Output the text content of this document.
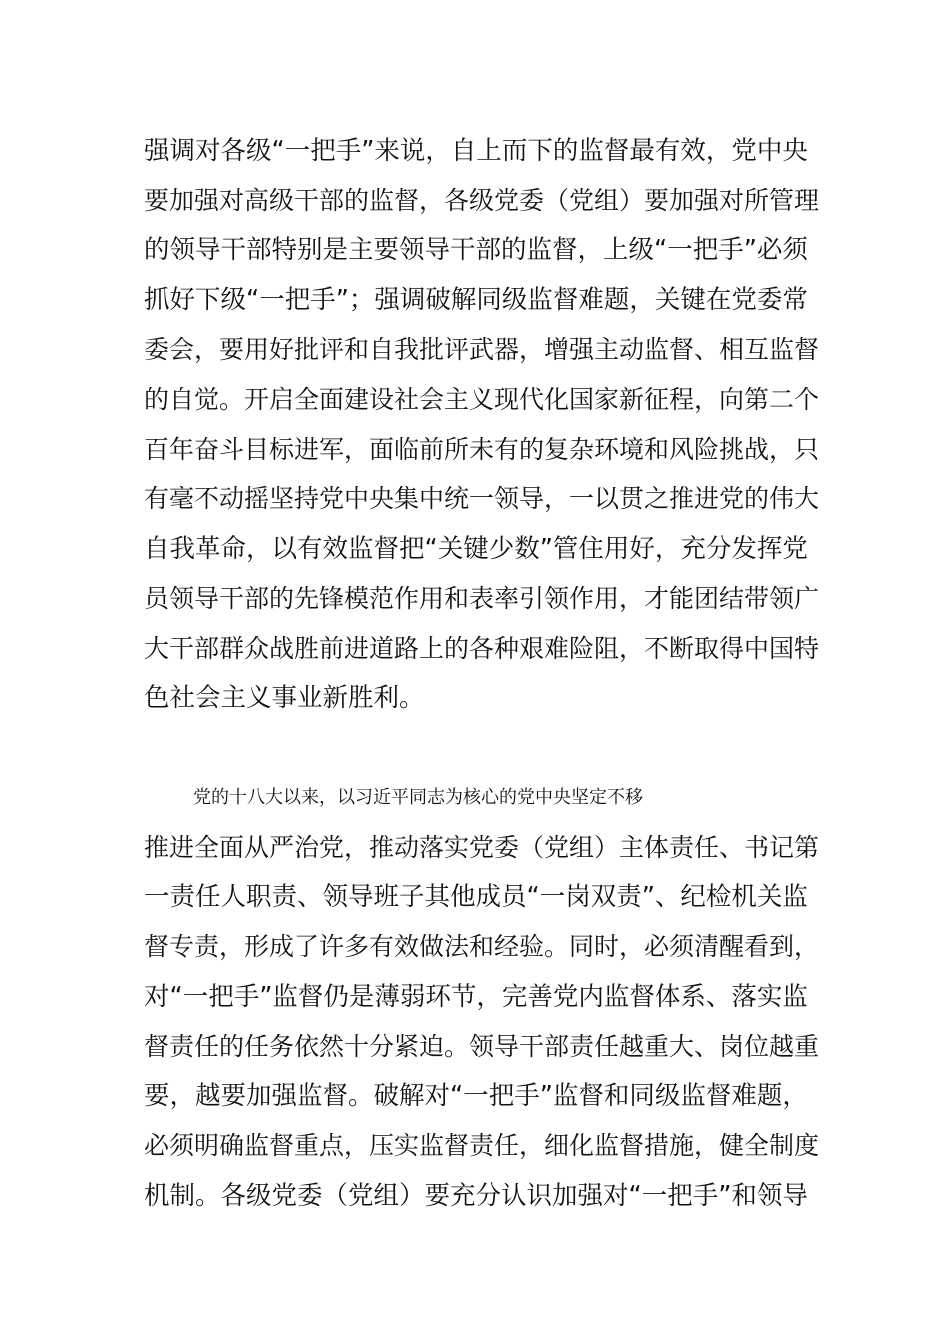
强调对各级“一把手”来说，自上而下的监督最有效，党中央
要加强对高级干部的监督，各级党委（党组）要加强对所管理
的领导干部特别是主要领导干部的监督，上级“一把手”必须
抓好下级“一把手”；强调破解同级监督难题，关键在党委常
委会，要用好批评和自我批评武器，增强主动监督、相互监督
的自觉。开启全面建设社会主义现代化国家新征程，向第二个
百年奋斗目标进军，面临前所未有的复杂环境和风险挑战，只
有毫不动摇坚持党中央集中统一领导，一以贯之推进党的伟大
自我革命，以有效监督把“关键少数”管住用好，充分发挥党
员领导干部的先锋模范作用和表率引领作用，才能团结带领广
大干部群众战胜前进道路上的各种艰难险阻，不断取得中国特
色社会主义事业新胜利。
党的十八大以来，以习近平同志为核心的党中央坚定不移
推进全面从严治党，推动落实党委（党组）主体责任、书记第
一责任人职责、领导班子其他成员“一岗双责”、纪检机关监
督专责，形成了许多有效做法和经验。同时，必须清醒看到，
对“一把手”监督仍是薄弱环节，完善党内监督体系、落实监
督责任的任务依然十分紧迫。领导干部责任越重大、岗位越重
要，越要加强监督。破解对“一把手”监督和同级监督难题，
必须明确监督重点，压实监督责任，细化监督措施，健全制度
机制。各级党委（党组）要充分认识加强对“一把手”和领导
